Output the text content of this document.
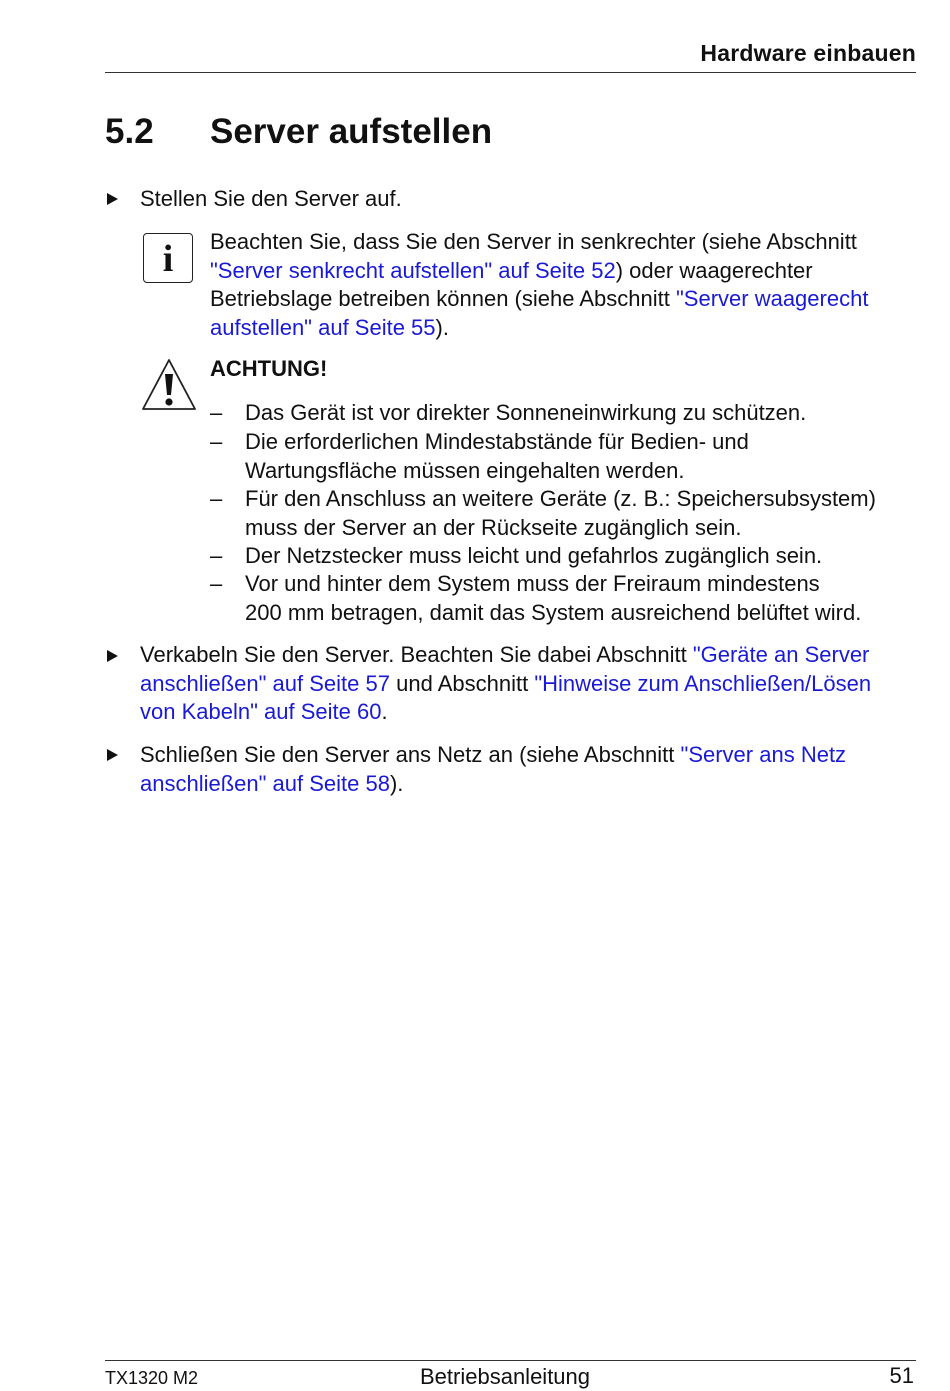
Hardware einbauen
5.2 Server aufstellen
Stellen Sie den Server auf.
i	Beachten Sie, dass Sie den Server in senkrechter (siehe Abschnitt
"Server senkrecht aufstellen" auf Seite 52) oder waagerechter
Betriebslage betreiben können (siehe Abschnitt "Server waagerecht
aufstellen" auf Seite 55).
ACHTUNG!
– Das Gerät ist vor direkter Sonneneinwirkung zu schützen.
– Die erforderlichen Mindestabstände für Bedien- und
Wartungsfläche müssen eingehalten werden.
– Für den Anschluss an weitere Geräte (z. B.: Speichersubsystem)
muss der Server an der Rückseite zugänglich sein.
– Der Netzstecker muss leicht und gefahrlos zugänglich sein.
– Vor und hinter dem System muss der Freiraum mindestens
200 mm betragen, damit das System ausreichend belüftet wird.
Verkabeln Sie den Server. Beachten Sie dabei Abschnitt "Geräte an Server
anschließen" auf Seite 57 und Abschnitt "Hinweise zum Anschließen/Lösen
von Kabeln" auf Seite 60.
Schließen Sie den Server ans Netz an (siehe Abschnitt "Server ans Netz
anschließen" auf Seite 58).
TX1320 M2	Betriebsanleitung	51
